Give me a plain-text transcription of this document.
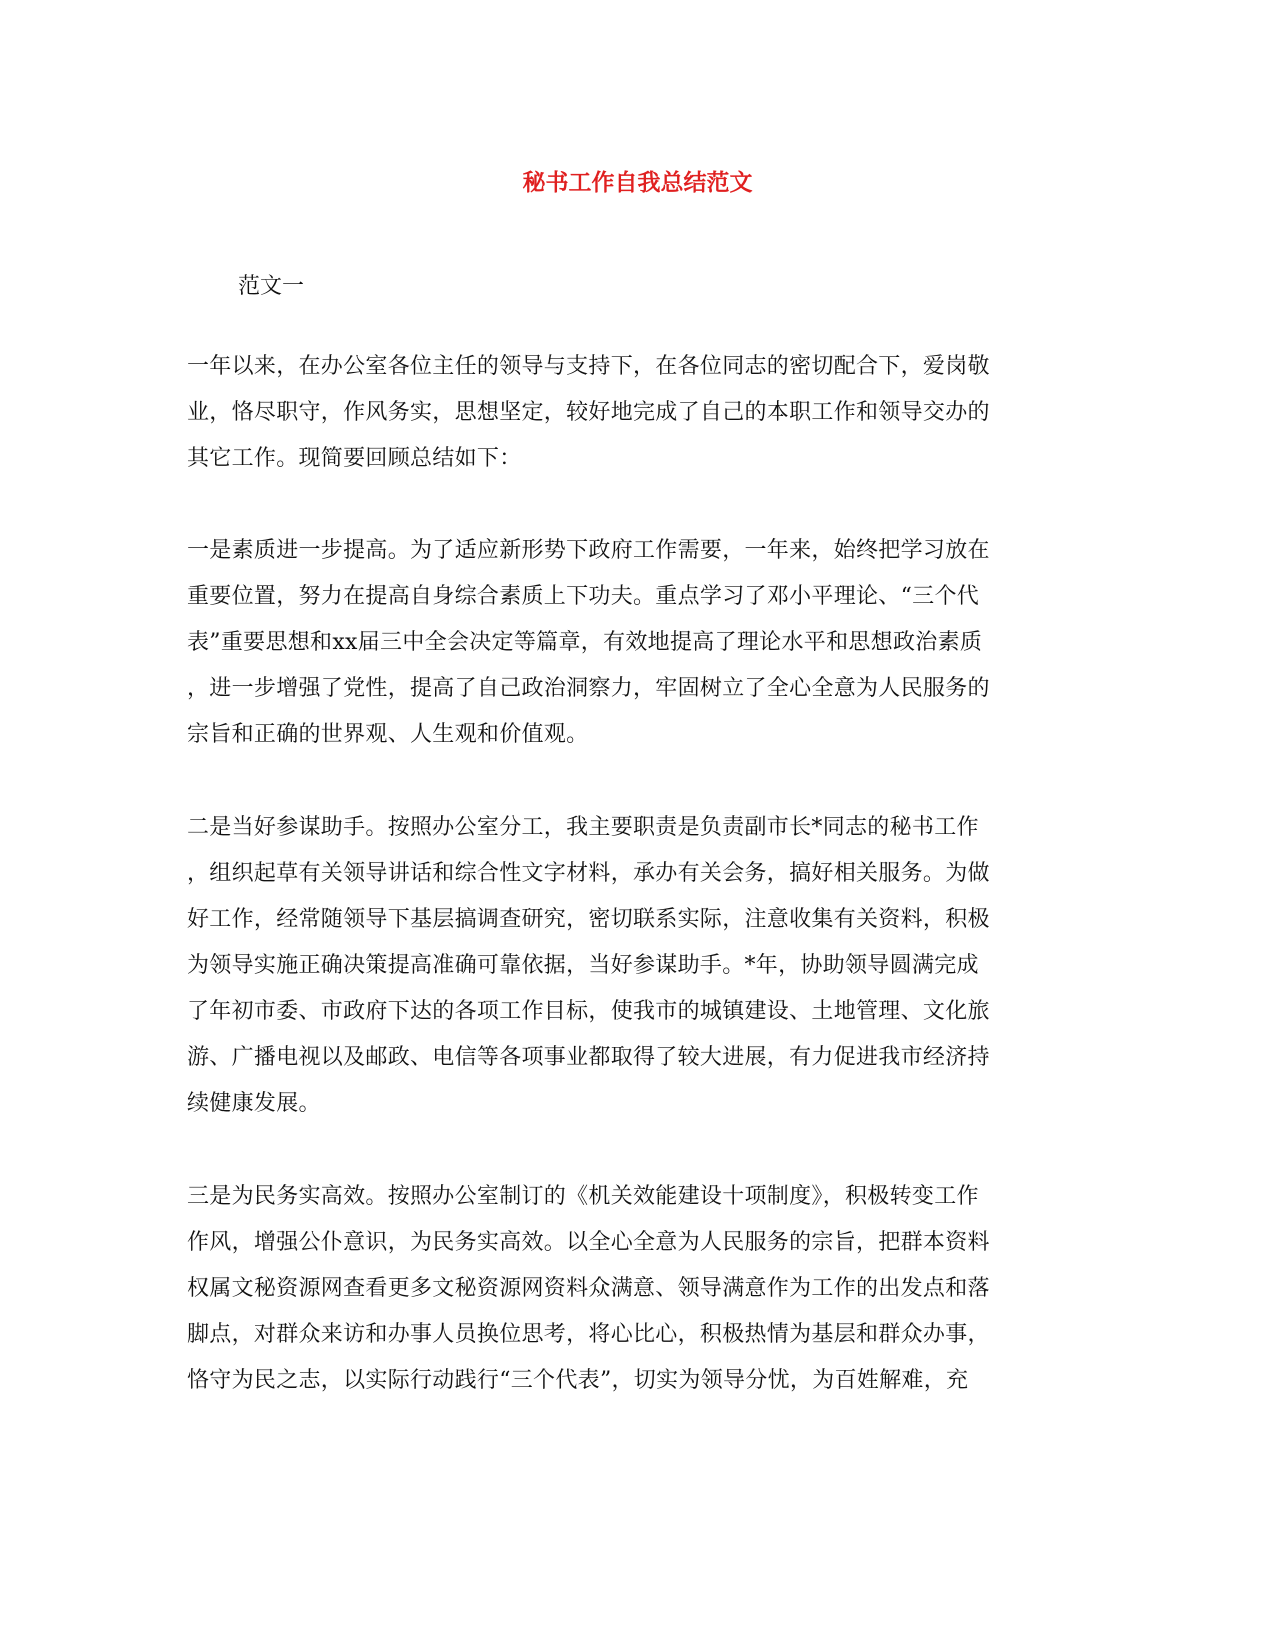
秘书工作自我总结范文
范文一
一年以来，在办公室各位主任的领导与支持下，在各位同志的密切配合下，爱岗敬
业，恪尽职守，作风务实，思想坚定，较好地完成了自己的本职工作和领导交办的
其它工作。现简要回顾总结如下：
一是素质进一步提高。为了适应新形势下政府工作需要，一年来，始终把学习放在
重要位置，努力在提高自身综合素质上下功夫。重点学习了邓小平理论、“三个代
表”重要思想和xx届三中全会决定等篇章，有效地提高了理论水平和思想政治素质
，进一步增强了党性，提高了自己政治洞察力，牢固树立了全心全意为人民服务的
宗旨和正确的世界观、人生观和价值观。
二是当好参谋助手。按照办公室分工，我主要职责是负责副市长*同志的秘书工作
，组织起草有关领导讲话和综合性文字材料，承办有关会务，搞好相关服务。为做
好工作，经常随领导下基层搞调查研究，密切联系实际，注意收集有关资料，积极
为领导实施正确决策提高准确可靠依据，当好参谋助手。*年，协助领导圆满完成
了年初市委、市政府下达的各项工作目标，使我市的城镇建设、土地管理、文化旅
游、广播电视以及邮政、电信等各项事业都取得了较大进展，有力促进我市经济持
续健康发展。
三是为民务实高效。按照办公室制订的《机关效能建设十项制度》，积极转变工作
作风，增强公仆意识，为民务实高效。以全心全意为人民服务的宗旨，把群本资料
权属文秘资源网查看更多文秘资源网资料众满意、领导满意作为工作的出发点和落
脚点，对群众来访和办事人员换位思考，将心比心，积极热情为基层和群众办事，
恪守为民之志，以实际行动践行“三个代表”，切实为领导分忧，为百姓解难，充
